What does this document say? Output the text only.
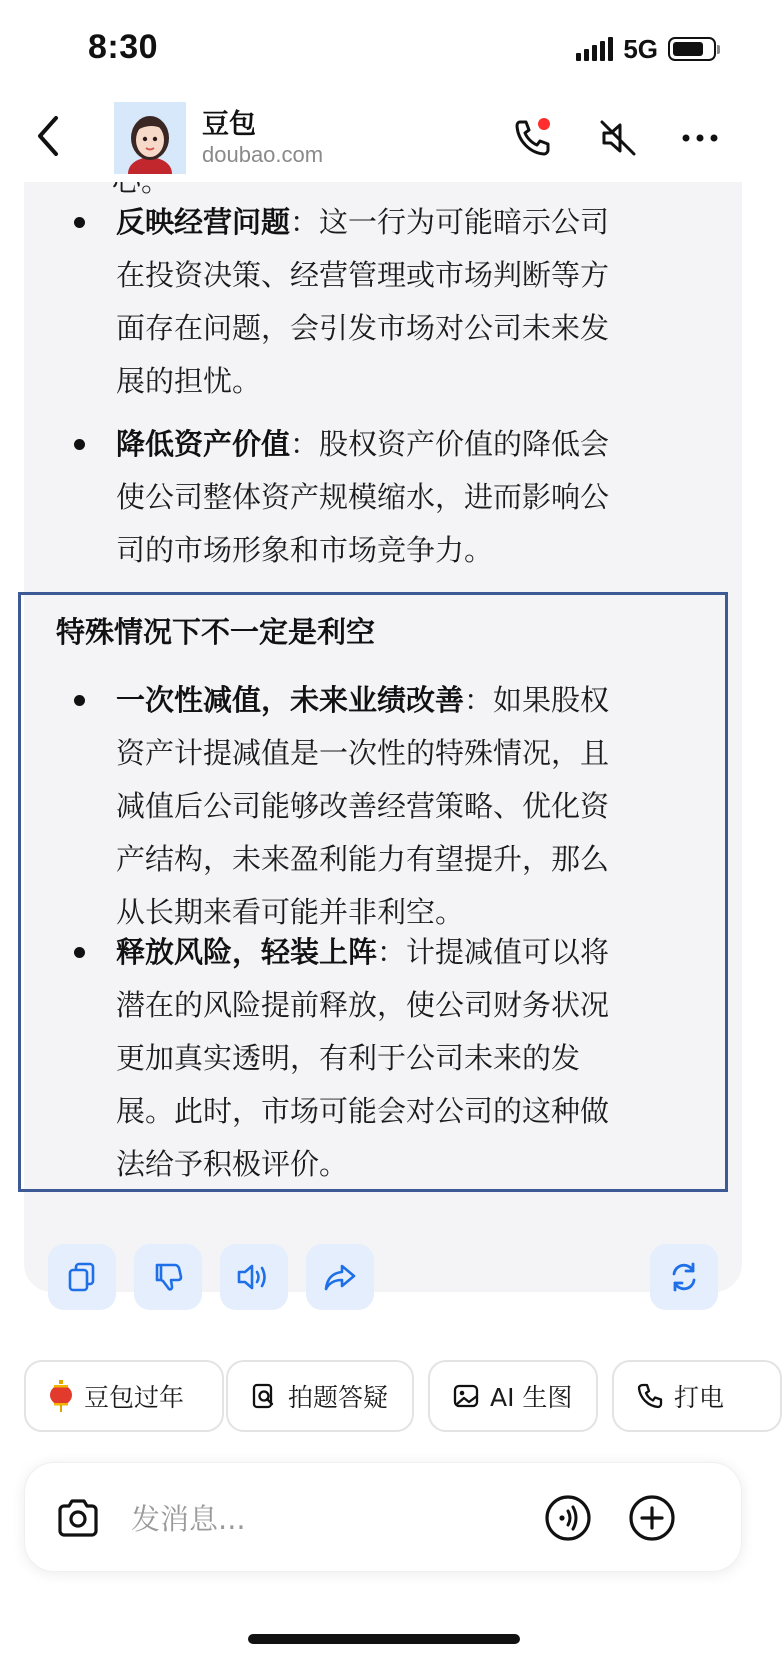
8:30	5G
豆包
doubao.com
反映经营问题：这一行为可能暗示公司
在投资决策、经营管理或市场判断等方
面存在问题，会引发市场对公司未来发
展的担忧。
降低资产价值：股权资产价值的降低会
使公司整体资产规模缩水，进而影响公
司的市场形象和市场竞争力。
特殊情况下不一定是利空
一次性减值，未来业绩改善：如果股权
资产计提减值是一次性的特殊情况，且
减值后公司能够改善经营策略、优化资
产结构，未来盈利能力有望提升，那么
从长期来看可能并非利空。
释放风险，轻装上阵：计提减值可以将
潜在的风险提前释放，使公司财务状况
更加真实透明，有利于公司未来的发
展。此时，市场可能会对公司的这种做
法给予积极评价。
豆包过年	拍题答疑	AI 生图	打电
发消息...
